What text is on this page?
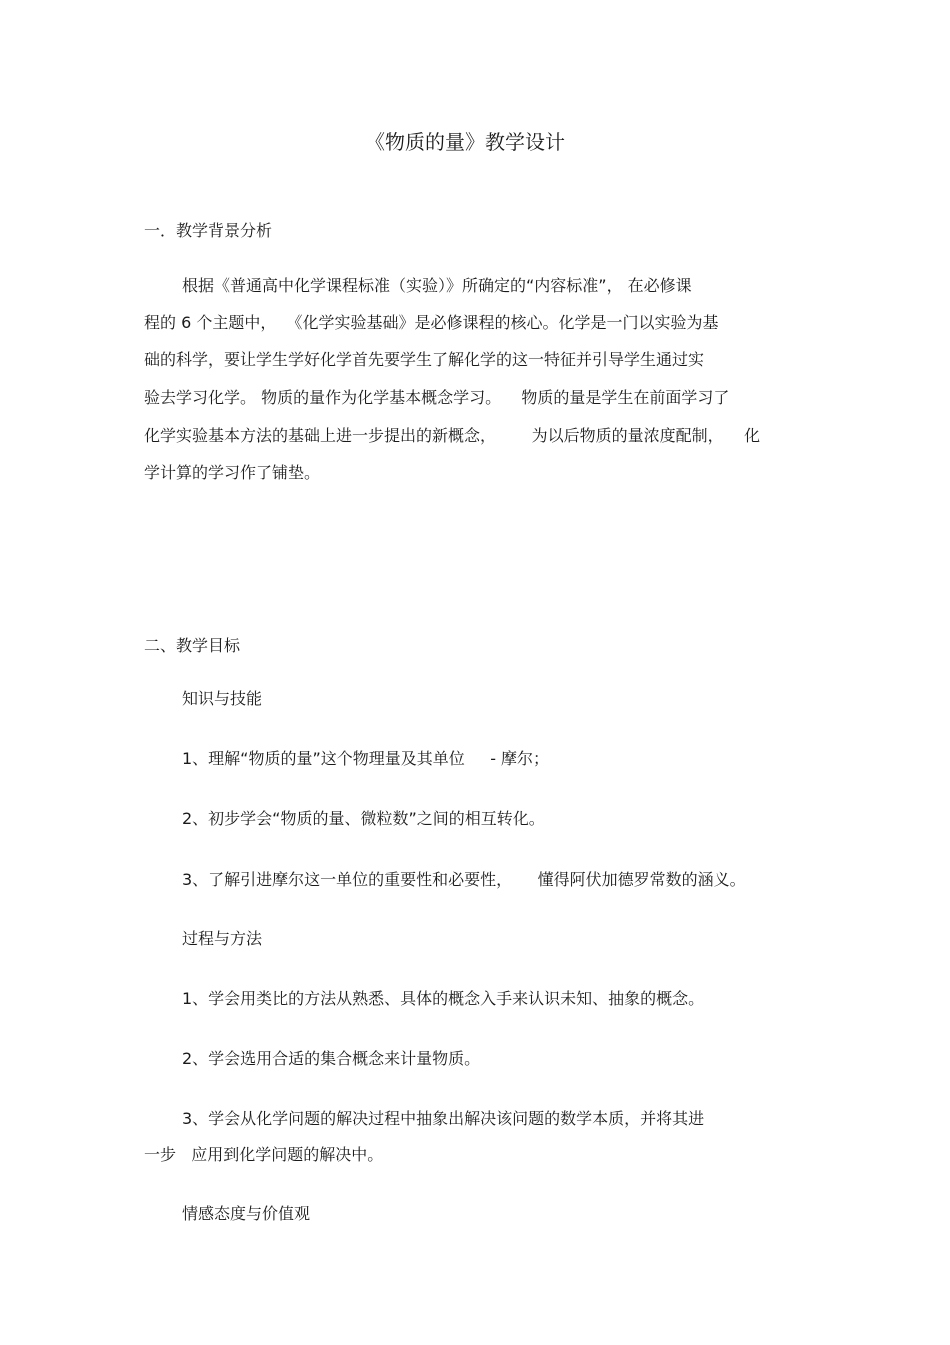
《物质的量》教学设计
一．教学背景分析
根据《普通高中化学课程标准（实验）》所确定的“内容标准”， 在必修课
程的 6 个主题中，  《化学实验基础》是必修课程的核心。化学是一门以实验为基
础的科学，要让学生学好化学首先要学生了解化学的这一特征并引导学生通过实
验去学习化学。 物质的量作为化学基本概念学习。    物质的量是学生在前面学习了
化学实验基本方法的基础上进一步提出的新概念，       为以后物质的量浓度配制，    化
学计算的学习作了铺垫。
二、教学目标
知识与技能
1、理解“物质的量”这个物理量及其单位     - 摩尔；
2、初步学会“物质的量、微粒数”之间的相互转化。
3、了解引进摩尔这一单位的重要性和必要性，     懂得阿伏加德罗常数的涵义。
过程与方法
1、学会用类比的方法从熟悉、具体的概念入手来认识未知、抽象的概念。
2、学会选用合适的集合概念来计量物质。
3、学会从化学问题的解决过程中抽象出解决该问题的数学本质，并将其进
一步   应用到化学问题的解决中。
情感态度与价值观
